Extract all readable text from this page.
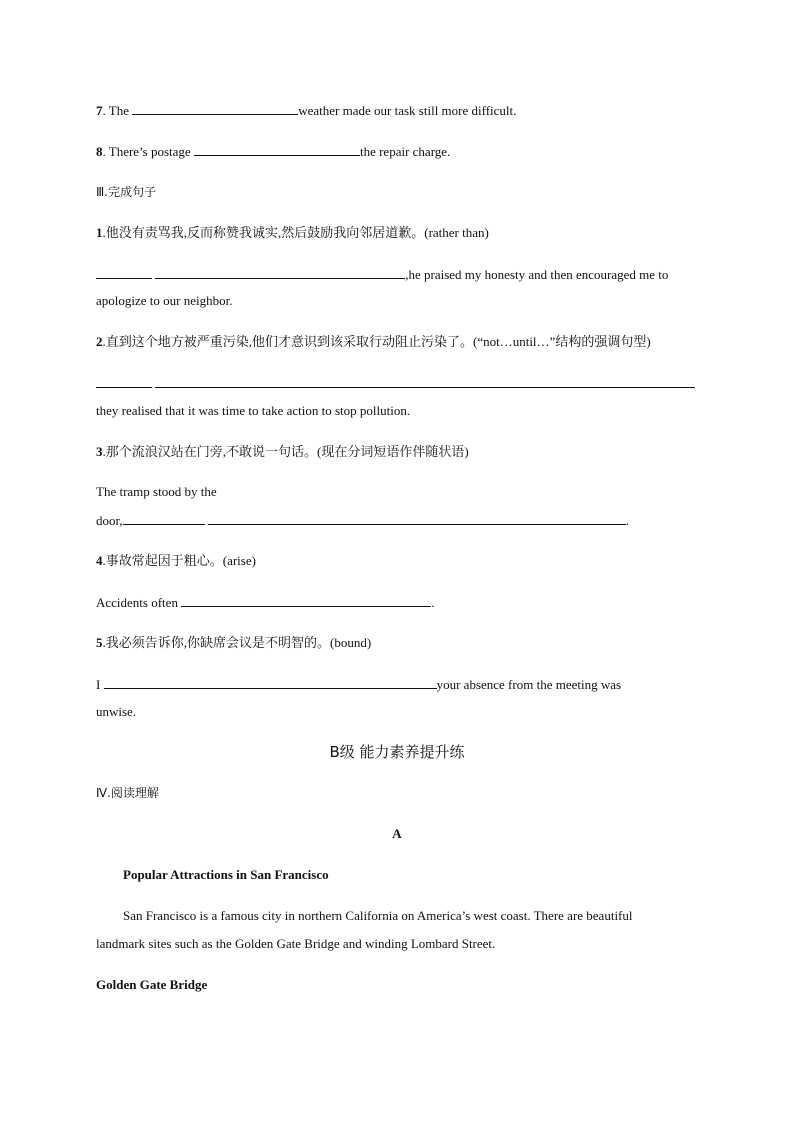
7. The	weather made our task still more difficult.
8. There’s postage	the repair charge.
Ⅲ.完成句子
1.他没有责骂我,反而称赞我诚实,然后鼓励我向邻居道歉。(rather than)
,he praised my honesty and then encouraged me to
apologize to our neighbor.
2.直到这个地方被严重污染,他们才意识到该采取行动阻止污染了。(“not…until…”结构的强调句型)

they realised that it was time to take action to stop pollution.
3.那个流浪汉站在门旁,不敢说一句话。(现在分词短语作伴随状语)
The tramp stood by the
door,	.
4.事故常起因于粗心。(arise)
Accidents often	.
5.我必须告诉你,你缺席会议是不明智的。(bound)
I	your absence from the meeting was
unwise.
B级 能力素养提升练
Ⅳ.阅读理解
A
Popular Attractions in San Francisco
San Francisco is a famous city in northern California on America’s west coast. There are beautiful
landmark sites such as the Golden Gate Bridge and winding Lombard Street.
Golden Gate Bridge
